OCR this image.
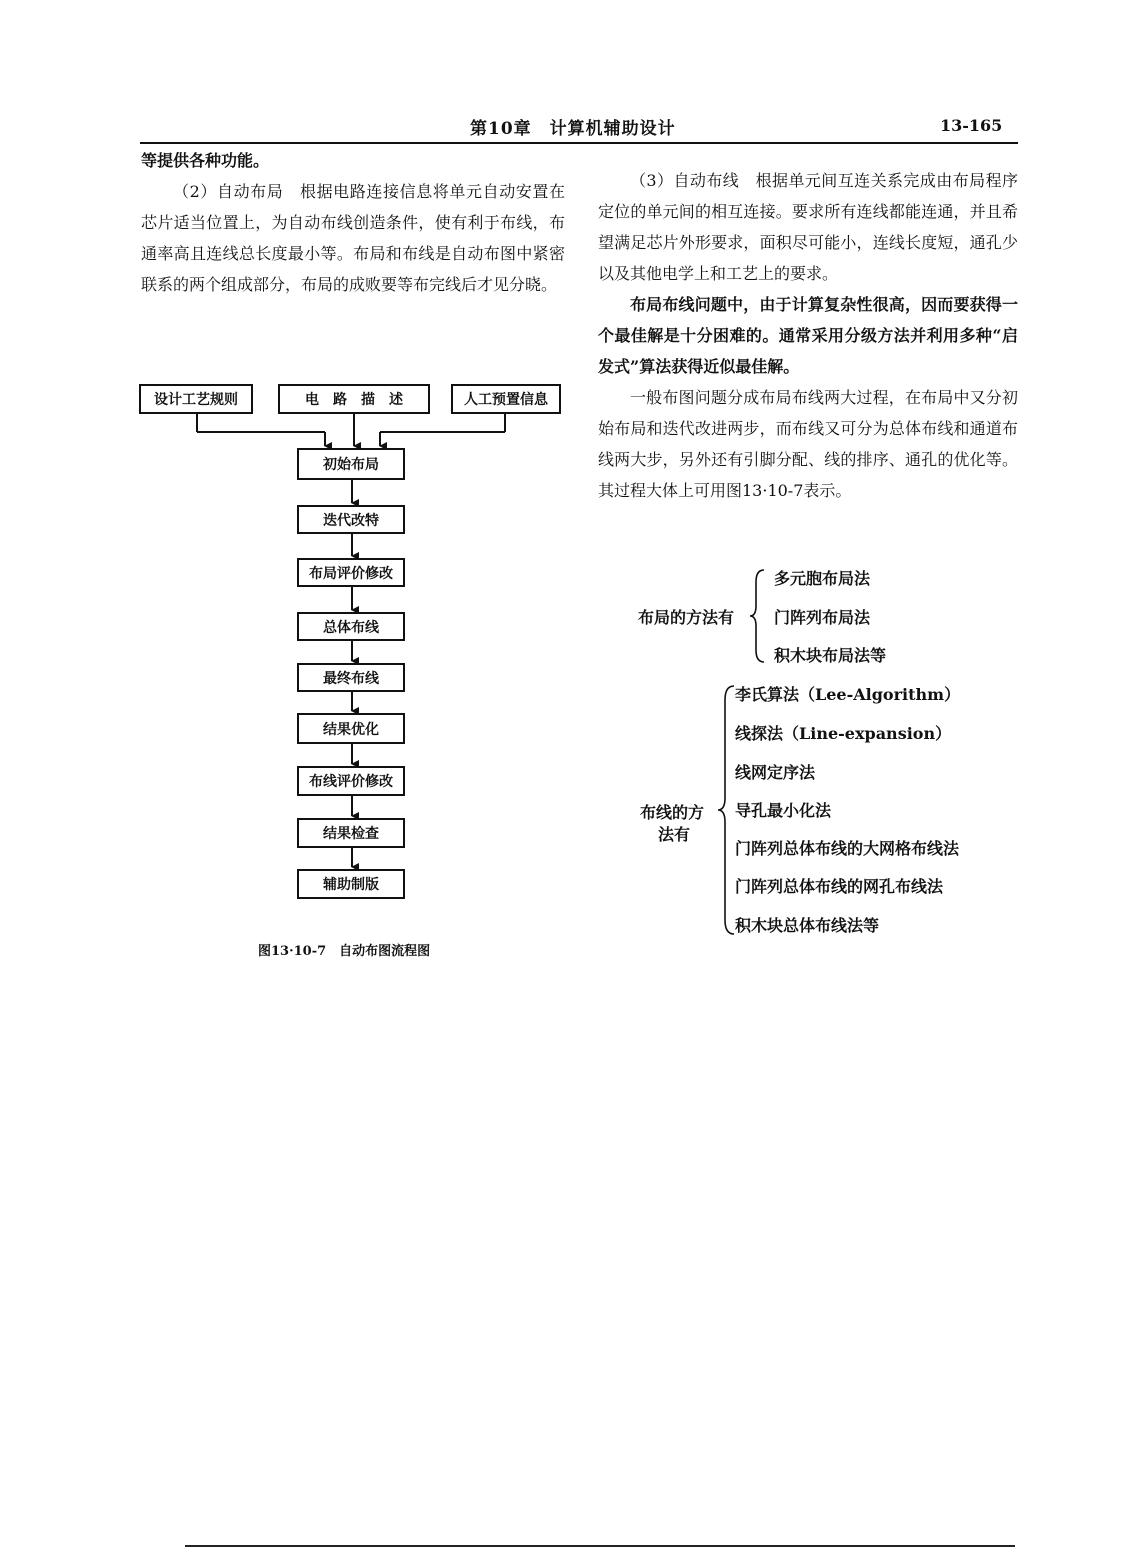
第10章　计算机辅助设计	13-165

等提供各种功能。

（2）自动布局　根据电路连接信息将单元自动安置在芯片适当位置上，为自动布线创造条件，使有利于布线，布通率高且连线总长度最小等。布局和布线是自动布图中紧密联系的两个组成部分，布局的成败要等布完线后才见分晓。

（3）自动布线　根据单元间互连关系完成由布局程序定位的单元间的相互连接。要求所有连线都能连通，并且希望满足芯片外形要求，面积尽可能小，连线长度短，通孔少以及其他电学上和工艺上的要求。

布局布线问题中，由于计算复杂性很高，因而要获得一个最佳解是十分困难的。通常采用分级方法并利用多种“启发式”算法获得近似最佳解。

一般布图问题分成布局布线两大过程，在布局中又分初始布局和迭代改进两步，而布线又可分为总体布线和通道布线两大步，另外还有引脚分配、线的排序、通孔的优化等。其过程大体上可用图13·10-7表示。

设计工艺规则	电　路　描　述	人工预置信息
初始布局
迭代改特
布局评价修改
总体布线
最终布线
结果优化
布线评价修改
结果检查
辅助制版
图13·10-7　自动布图流程图
布局的方法有
多元胞布局法
门阵列布局法
积木块布局法等
布线的方
法有
李氏算法（Lee-Algorithm）
线探法（Line-expansion）
线网定序法
导孔最小化法
门阵列总体布线的大网格布线法
门阵列总体布线的网孔布线法
积木块总体布线法等
